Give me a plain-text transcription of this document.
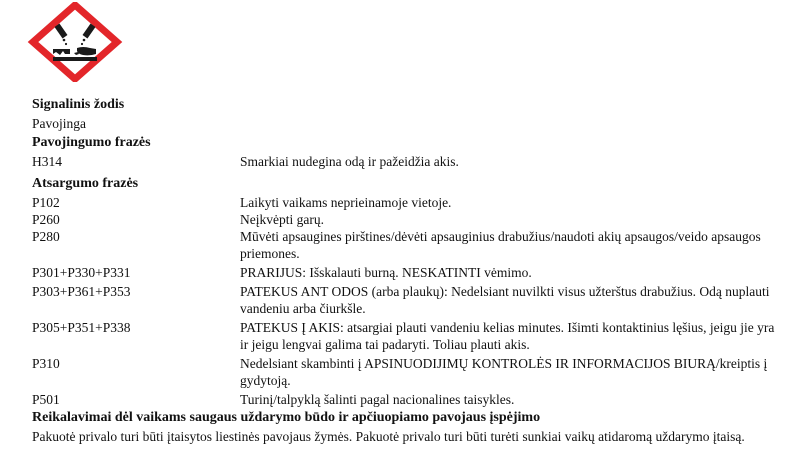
Signalinis žodis
Pavojinga
Pavojingumo frazės
H314	Smarkiai nudegina odą ir pažeidžia akis.
Atsargumo frazės
P102	Laikyti vaikams neprieinamoje vietoje.
P260	Neįkvėpti garų.
P280	Mūvėti apsaugines pirštines/dėvėti apsauginius drabužius/naudoti akių apsaugos/veido apsaugos priemones.
P301+P330+P331	PRARIJUS: Išskalauti burną. NESKATINTI vėmimo.
P303+P361+P353	PATEKUS ANT ODOS (arba plaukų): Nedelsiant nuvilkti visus užterštus drabužius. Odą nuplauti vandeniu arba čiurkšle.
P305+P351+P338	PATEKUS Į AKIS: atsargiai plauti vandeniu kelias minutes. Išimti kontaktinius lęšius, jeigu jie yra ir jeigu lengvai galima tai padaryti. Toliau plauti akis.
P310	Nedelsiant skambinti į APSINUODIJIMŲ KONTROLĖS IR INFORMACIJOS BIURĄ/kreiptis į gydytoją.
P501	Turinį/talpyklą šalinti pagal nacionalines taisykles.
Reikalavimai dėl vaikams saugaus uždarymo būdo ir apčiuopiamo pavojaus įspėjimo
Pakuotė privalo turi būti įtaisytos liestinės pavojaus žymės. Pakuotė privalo turi būti turėti sunkiai vaikų atidaromą uždarymo įtaisą.
